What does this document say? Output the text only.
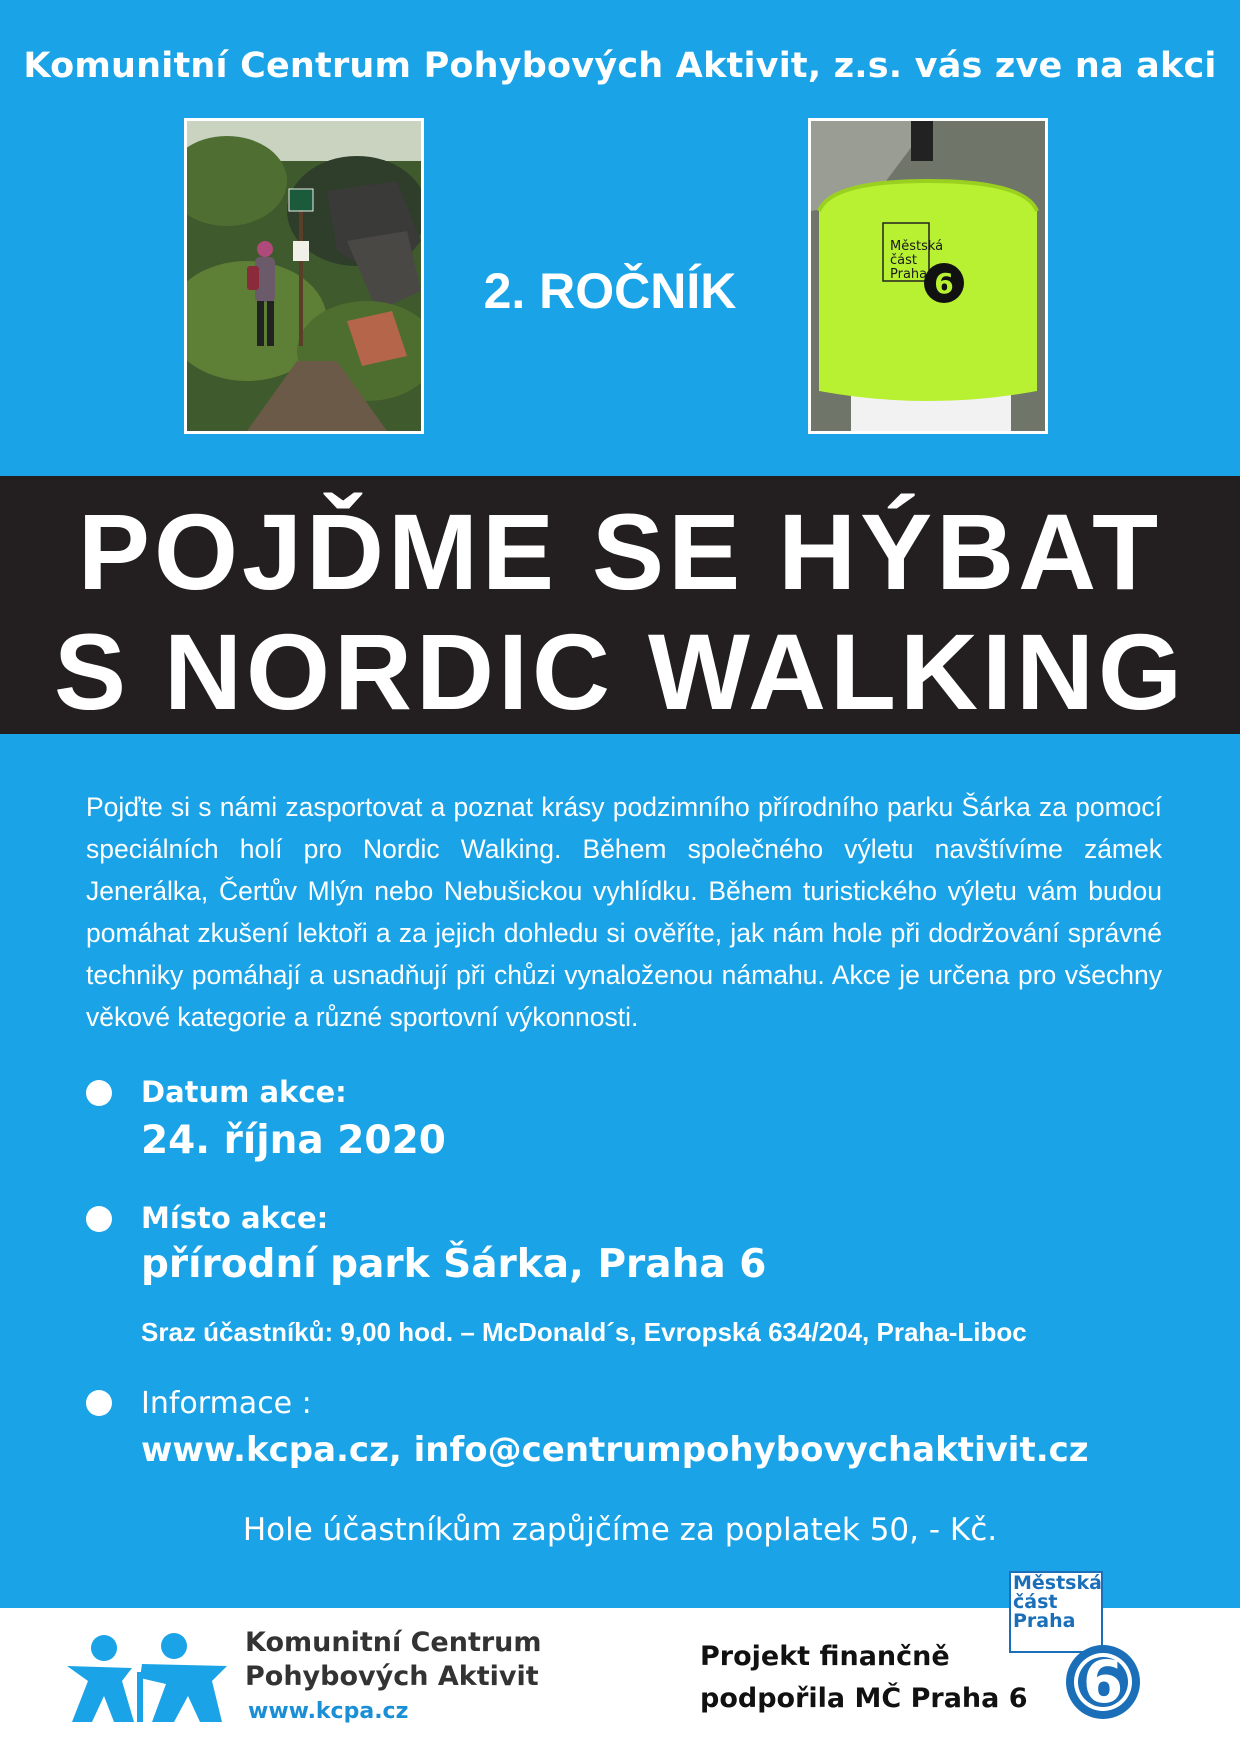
Komunitní Centrum Pohybových Aktivit, z.s. vás zve na akci
2. ROČNÍK	6
Městská
část
Praha
POJĎME SE HÝBAT
S NORDIC WALKING
Pojďte si s námi zasportovat a poznat krásy podzimního přírodního parku Šárka za pomocí speciálních holí pro Nordic Walking. Během společného výletu navštívíme zámek Jenerálka, Čertův Mlýn nebo Nebušickou vyhlídku. Během turistického výletu vám budou pomáhat zkušení lektoři a za jejich dohledu si ověříte, jak nám hole při dodržování správné techniky pomáhají a usnadňují při chůzi vynaloženou námahu. Akce je určena pro všechny věkové kategorie a různé sportovní výkonnosti.
Datum akce:
24. října 2020
Místo akce:
přírodní park Šárka, Praha 6
Sraz účastníků: 9,00 hod. – McDonald´s, Evropská 634/204, Praha-Liboc
Informace :
www.kcpa.cz, info@centrumpohybovychaktivit.cz
Hole účastníkům zapůjčíme za poplatek 50, - Kč.
Komunitní Centrum
Pohybových Aktivit
www.kcpa.cz
Projekt finančně
podpořila MČ Praha 6 6
Městská
část
Praha
